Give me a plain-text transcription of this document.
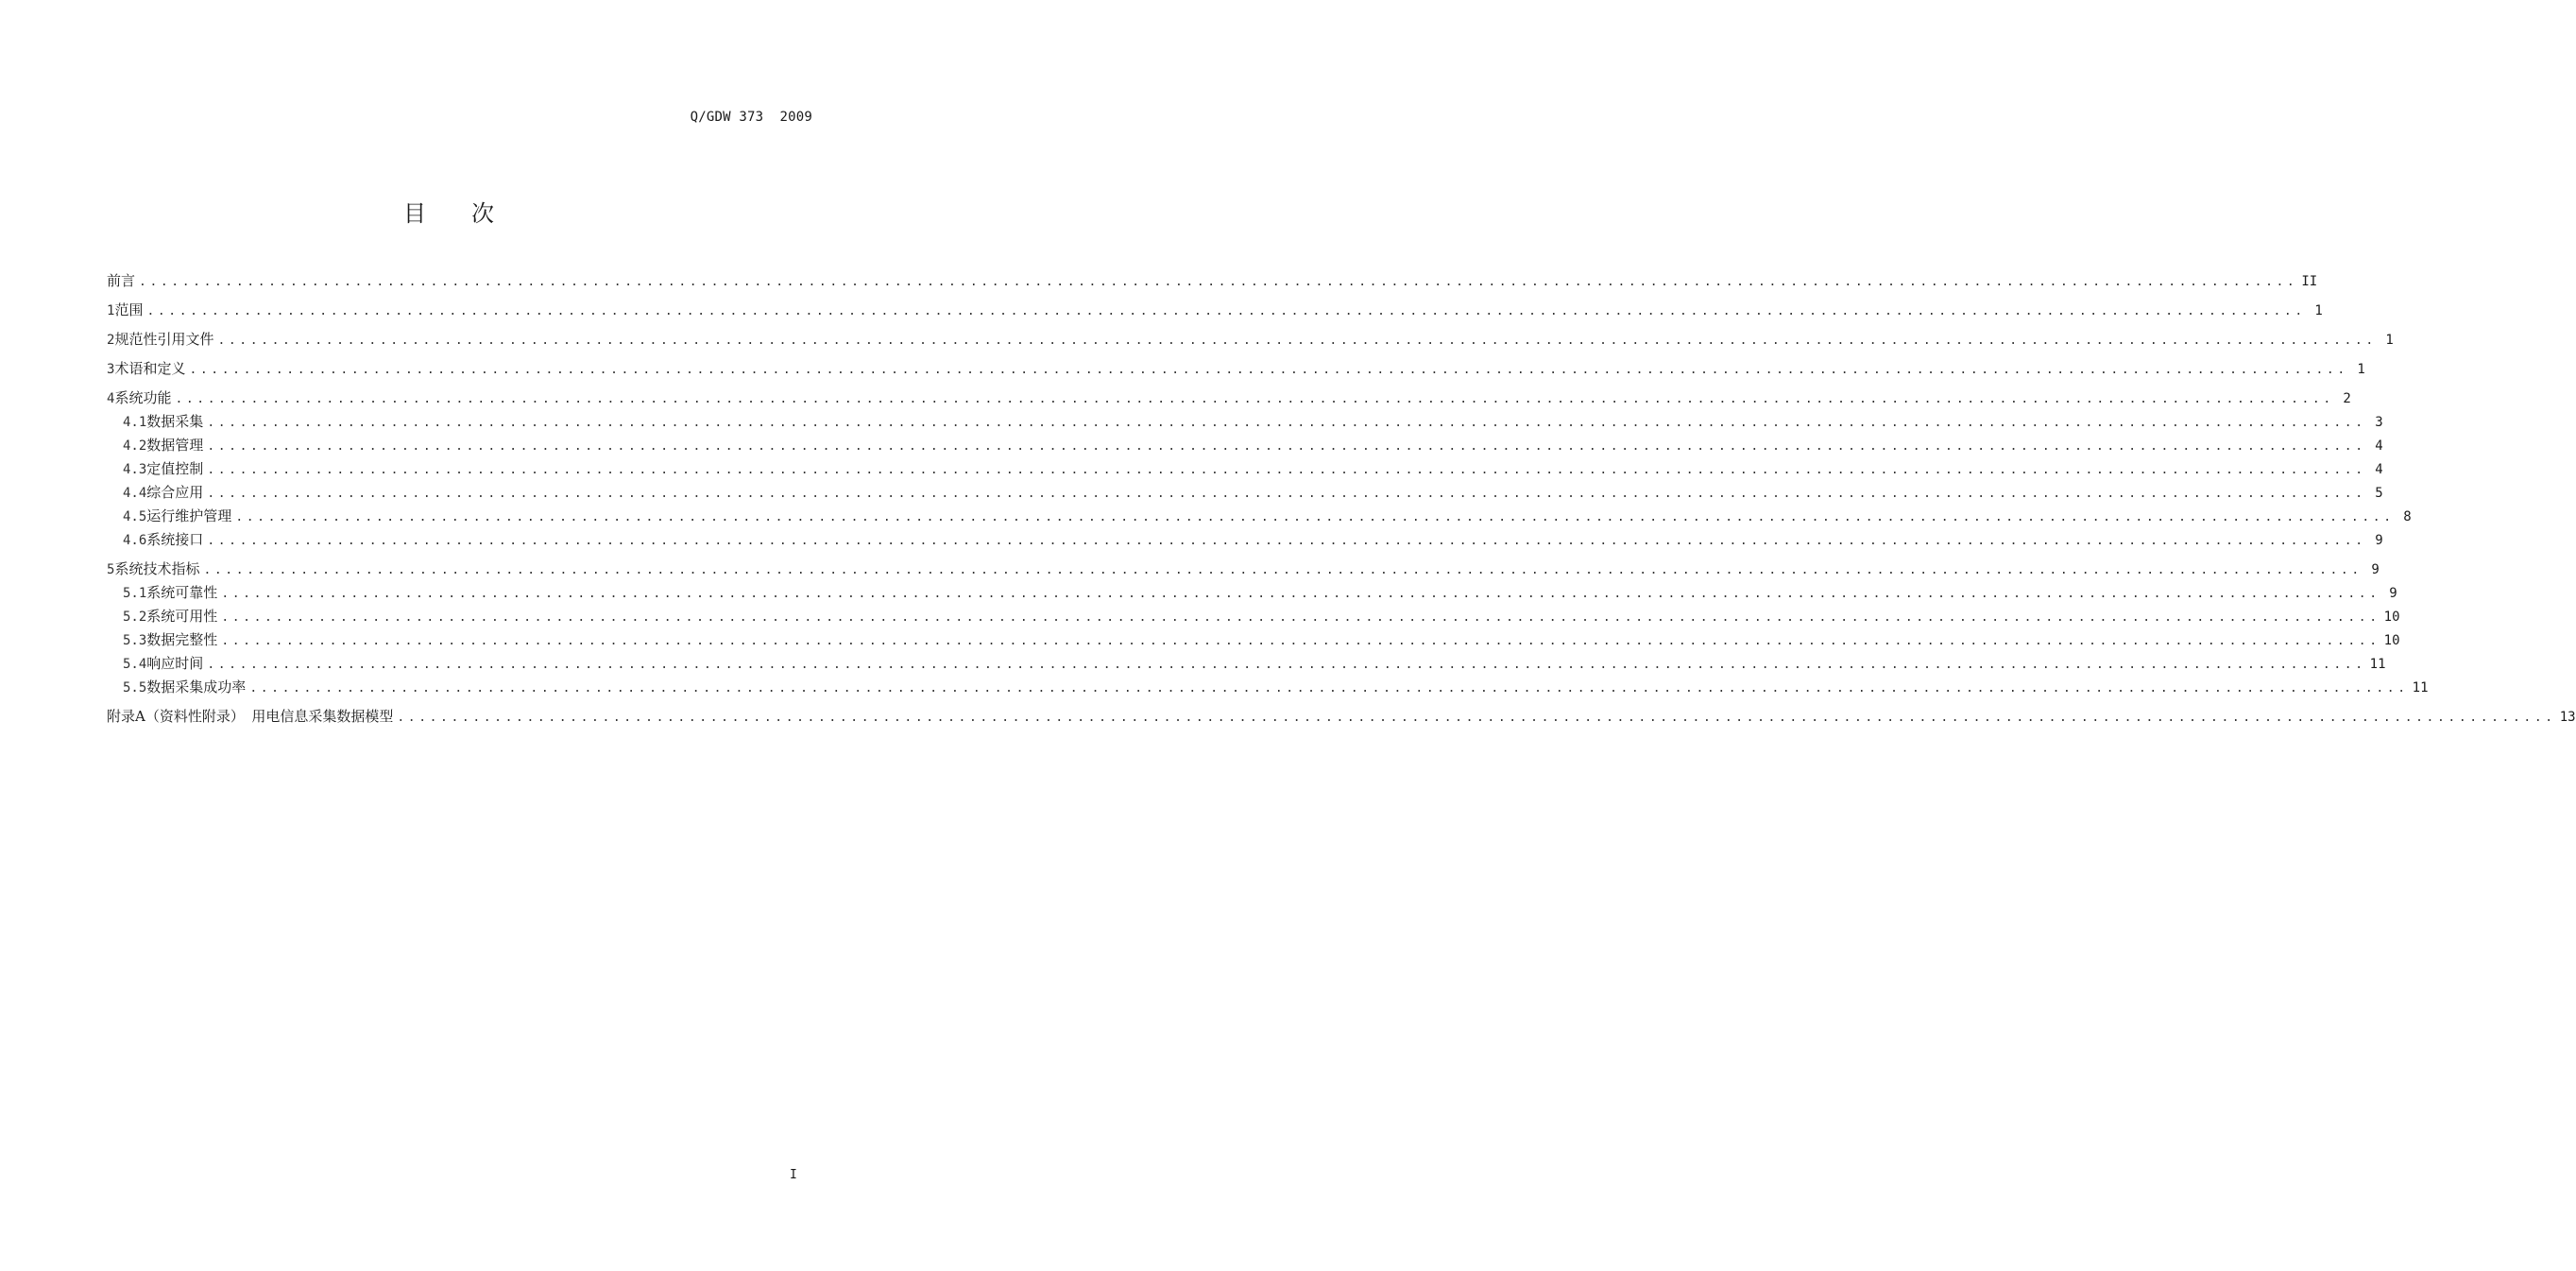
Q/GDW 373  2009
目次
前言 ........................................................................................................................................................................................................ II
1 范围 ........................................................................................................................................................................................................ 1
2 规范性引用文件 ........................................................................................................................................................................................................ 1
3 术语和定义 ........................................................................................................................................................................................................ 1
4 系统功能 ........................................................................................................................................................................................................ 2
4.1 数据采集 ........................................................................................................................................................................................................ 3
4.2 数据管理 ........................................................................................................................................................................................................ 4
4.3 定值控制 ........................................................................................................................................................................................................ 4
4.4 综合应用 ........................................................................................................................................................................................................ 5
4.5 运行维护管理 ........................................................................................................................................................................................................ 8
4.6 系统接口 ........................................................................................................................................................................................................ 9
5 系统技术指标 ........................................................................................................................................................................................................ 9
5.1 系统可靠性 ........................................................................................................................................................................................................ 9
5.2 系统可用性 ........................................................................................................................................................................................................ 10
5.3 数据完整性 ........................................................................................................................................................................................................ 10
5.4 响应时间 ........................................................................................................................................................................................................ 11
5.5 数据采集成功率 ........................................................................................................................................................................................................ 11
附录A（资料性附录）　用电信息采集数据模型 ........................................................................................................................................................................................................ 13
I
